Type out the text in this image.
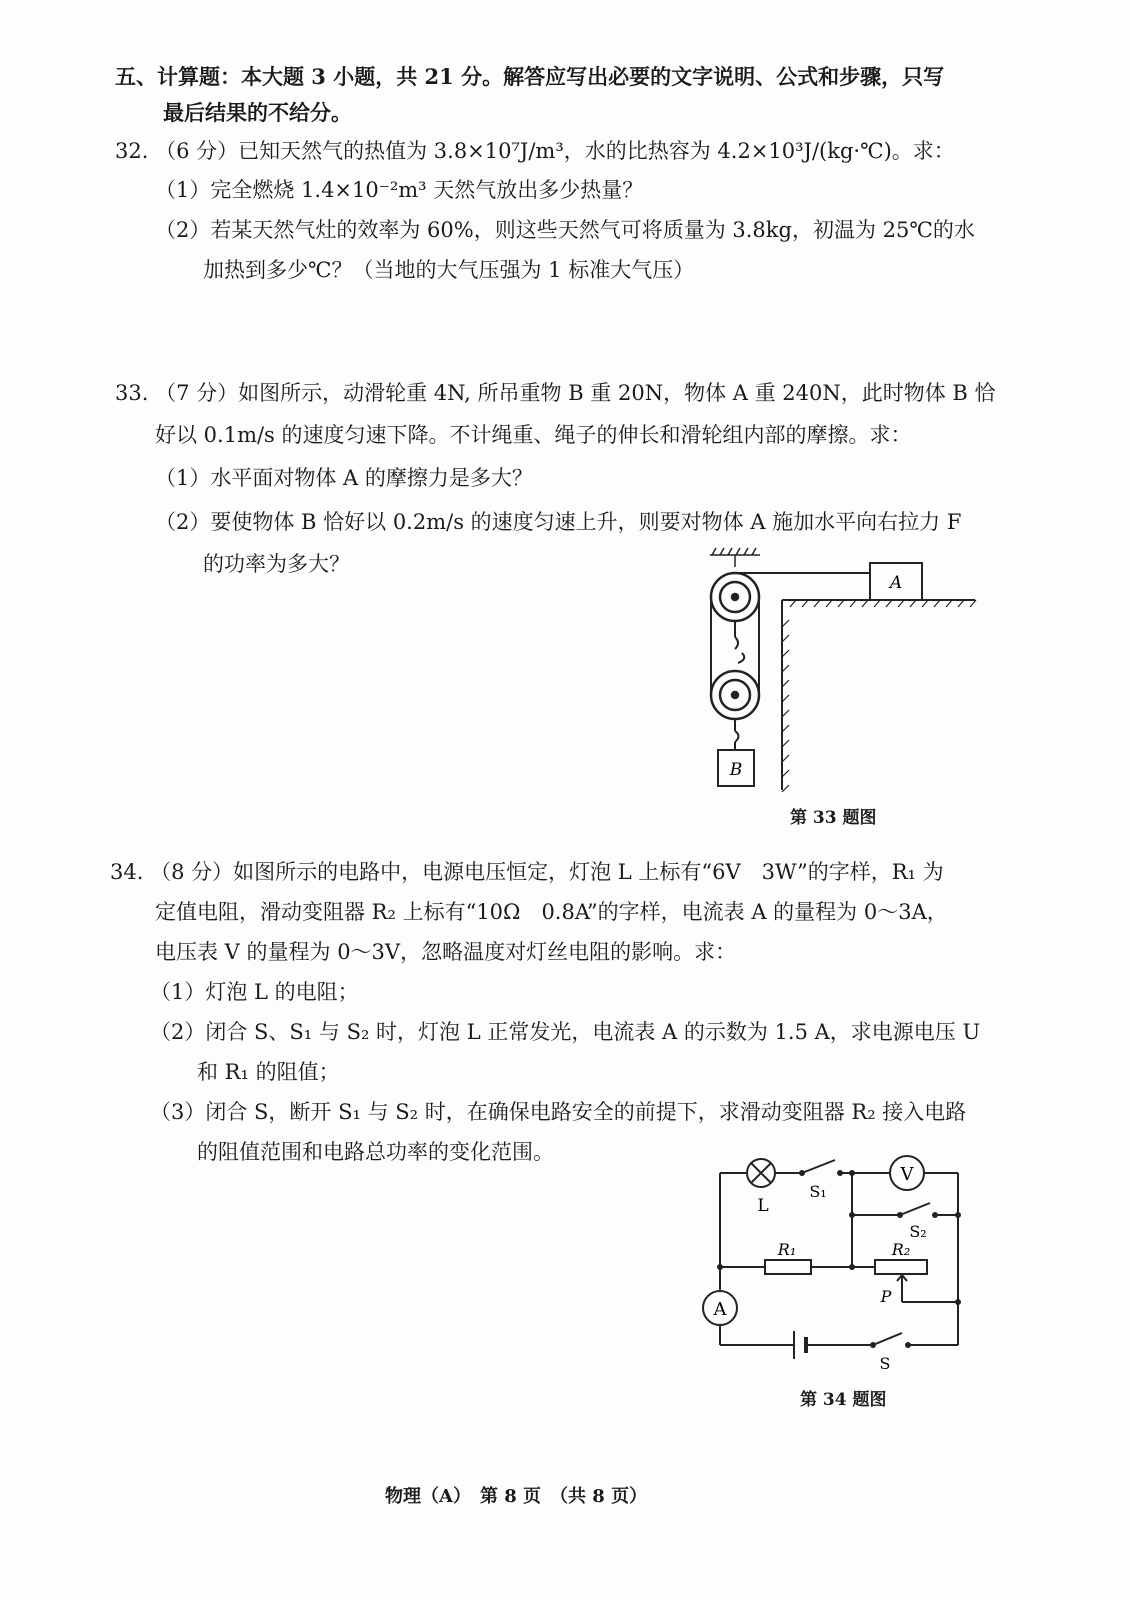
五、计算题：本大题 3 小题，共 21 分。解答应写出必要的文字说明、公式和步骤，只写
最后结果的不给分。
32. （6 分）已知天然气的热值为 3.8×10⁷J/m³，水的比热容为 4.2×10³J/(kg·℃)。求：
（1）完全燃烧 1.4×10⁻²m³ 天然气放出多少热量？
（2）若某天然气灶的效率为 60%，则这些天然气可将质量为 3.8kg，初温为 25℃的水
加热到多少℃？（当地的大气压强为 1 标准大气压）
33. （7 分）如图所示，动滑轮重 4N, 所吊重物 B 重 20N，物体 A 重 240N，此时物体 B 恰
好以 0.1m/s 的速度匀速下降。不计绳重、绳子的伸长和滑轮组内部的摩擦。求：
（1）水平面对物体 A 的摩擦力是多大？
（2）要使物体 B 恰好以 0.2m/s 的速度匀速上升，则要对物体 A 施加水平向右拉力 F
的功率为多大？
A
B
第 33 题图
34. （8 分）如图所示的电路中，电源电压恒定，灯泡 L 上标有“6V　3W”的字样，R₁ 为
定值电阻，滑动变阻器 R₂ 上标有“10Ω　0.8A”的字样，电流表 A 的量程为 0～3A，
电压表 V 的量程为 0～3V，忽略温度对灯丝电阻的影响。求：
（1）灯泡 L 的电阻；
（2）闭合 S、S₁ 与 S₂ 时，灯泡 L 正常发光，电流表 A 的示数为 1.5 A，求电源电压 U
和 R₁ 的阻值；
（3）闭合 S，断开 S₁ 与 S₂ 时，在确保电路安全的前提下，求滑动变阻器 R₂ 接入电路
的阻值范围和电路总功率的变化范围。
V
A
L
S₁
S₂
R₁	R₂
P
S
第 34 题图
物理（A）　第 8 页　（共 8 页）
